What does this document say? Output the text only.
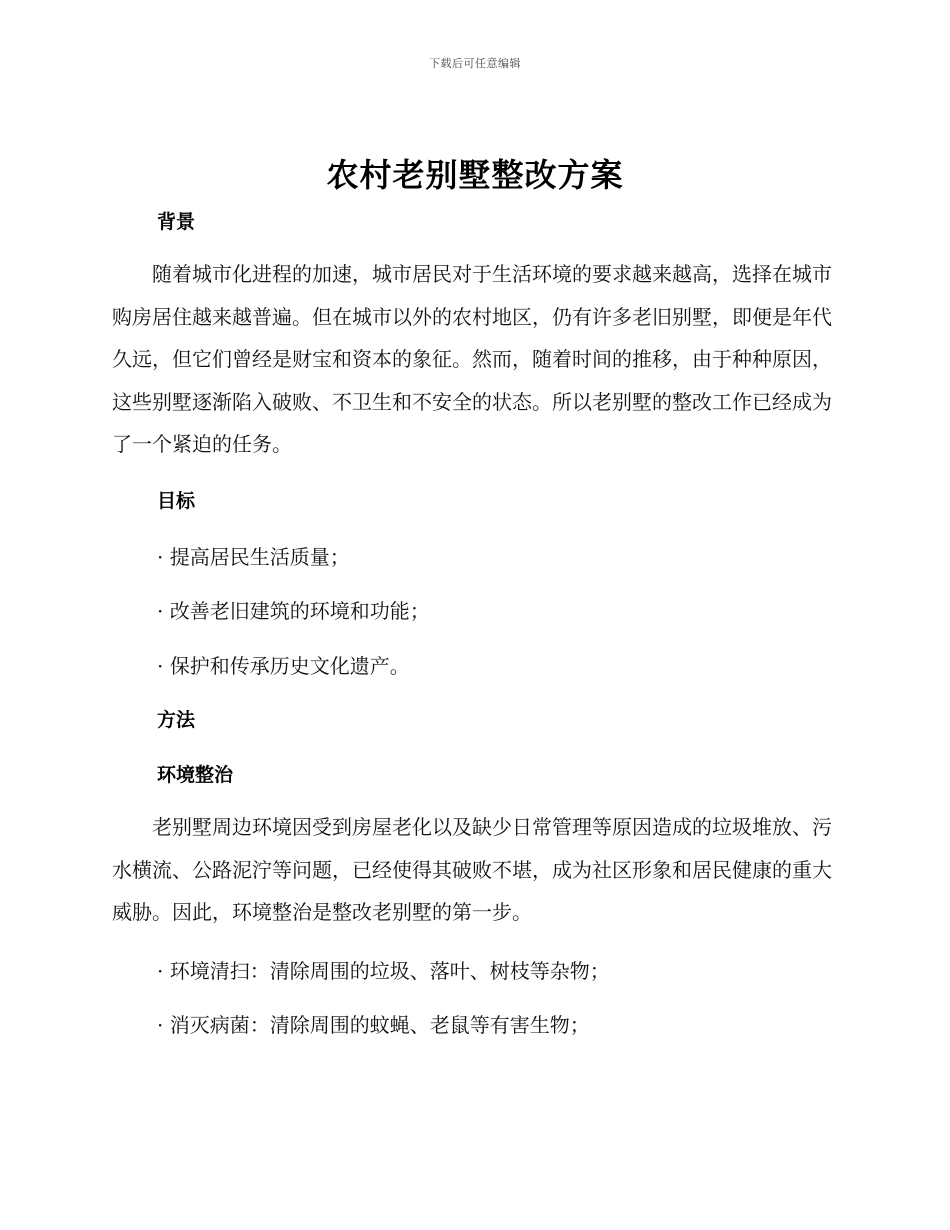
下载后可任意编辑
农村老别墅整改方案
背景
随着城市化进程的加速，城市居民对于生活环境的要求越来越高，选择在城市购房居住越来越普遍。但在城市以外的农村地区，仍有许多老旧别墅，即便是年代久远，但它们曾经是财宝和资本的象征。然而，随着时间的推移，由于种种原因，这些别墅逐渐陷入破败、不卫生和不安全的状态。所以老别墅的整改工作已经成为了一个紧迫的任务。
目标
· 提高居民生活质量；
· 改善老旧建筑的环境和功能；
· 保护和传承历史文化遗产。
方法
环境整治
老别墅周边环境因受到房屋老化以及缺少日常管理等原因造成的垃圾堆放、污水横流、公路泥泞等问题，已经使得其破败不堪，成为社区形象和居民健康的重大威胁。因此，环境整治是整改老别墅的第一步。
· 环境清扫：清除周围的垃圾、落叶、树枝等杂物；
· 消灭病菌：清除周围的蚊蝇、老鼠等有害生物；
